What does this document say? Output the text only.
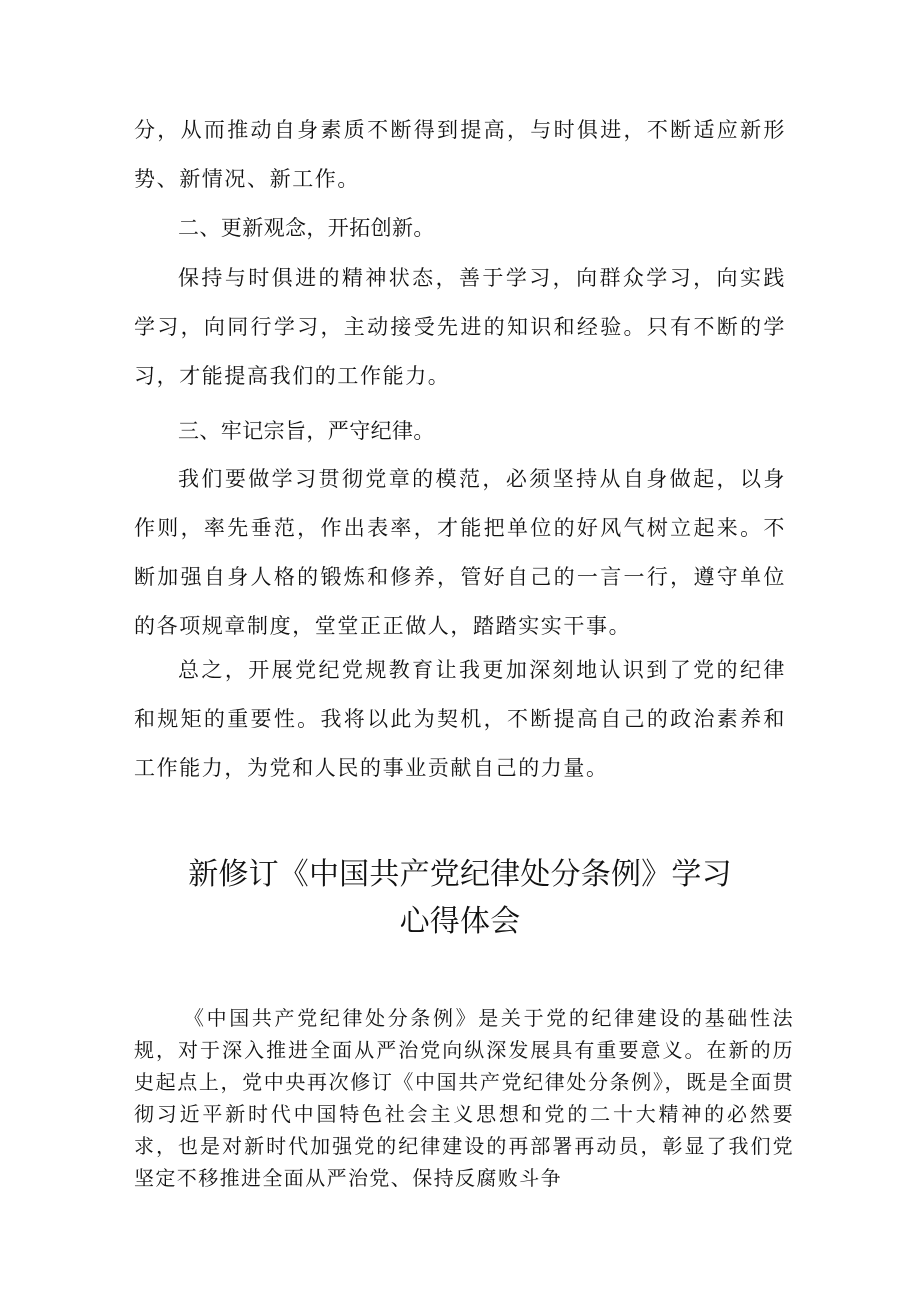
分，从而推动自身素质不断得到提高，与时俱进，不断适应新形势、新情况、新工作。

二、更新观念，开拓创新。

保持与时俱进的精神状态，善于学习，向群众学习，向实践学习，向同行学习，主动接受先进的知识和经验。只有不断的学习，才能提高我们的工作能力。

三、牢记宗旨，严守纪律。

我们要做学习贯彻党章的模范，必须坚持从自身做起，以身作则，率先垂范，作出表率，才能把单位的好风气树立起来。不断加强自身人格的锻炼和修养，管好自己的一言一行，遵守单位的各项规章制度，堂堂正正做人，踏踏实实干事。

总之，开展党纪党规教育让我更加深刻地认识到了党的纪律和规矩的重要性。我将以此为契机，不断提高自己的政治素养和工作能力，为党和人民的事业贡献自己的力量。

新修订《中国共产党纪律处分条例》学习
心得体会

《中国共产党纪律处分条例》是关于党的纪律建设的基础性法规，对于深入推进全面从严治党向纵深发展具有重要意义。在新的历史起点上，党中央再次修订《中国共产党纪律处分条例》，既是全面贯彻习近平新时代中国特色社会主义思想和党的二十大精神的必然要求，也是对新时代加强党的纪律建设的再部署再动员，彰显了我们党坚定不移推进全面从严治党、保持反腐败斗争
